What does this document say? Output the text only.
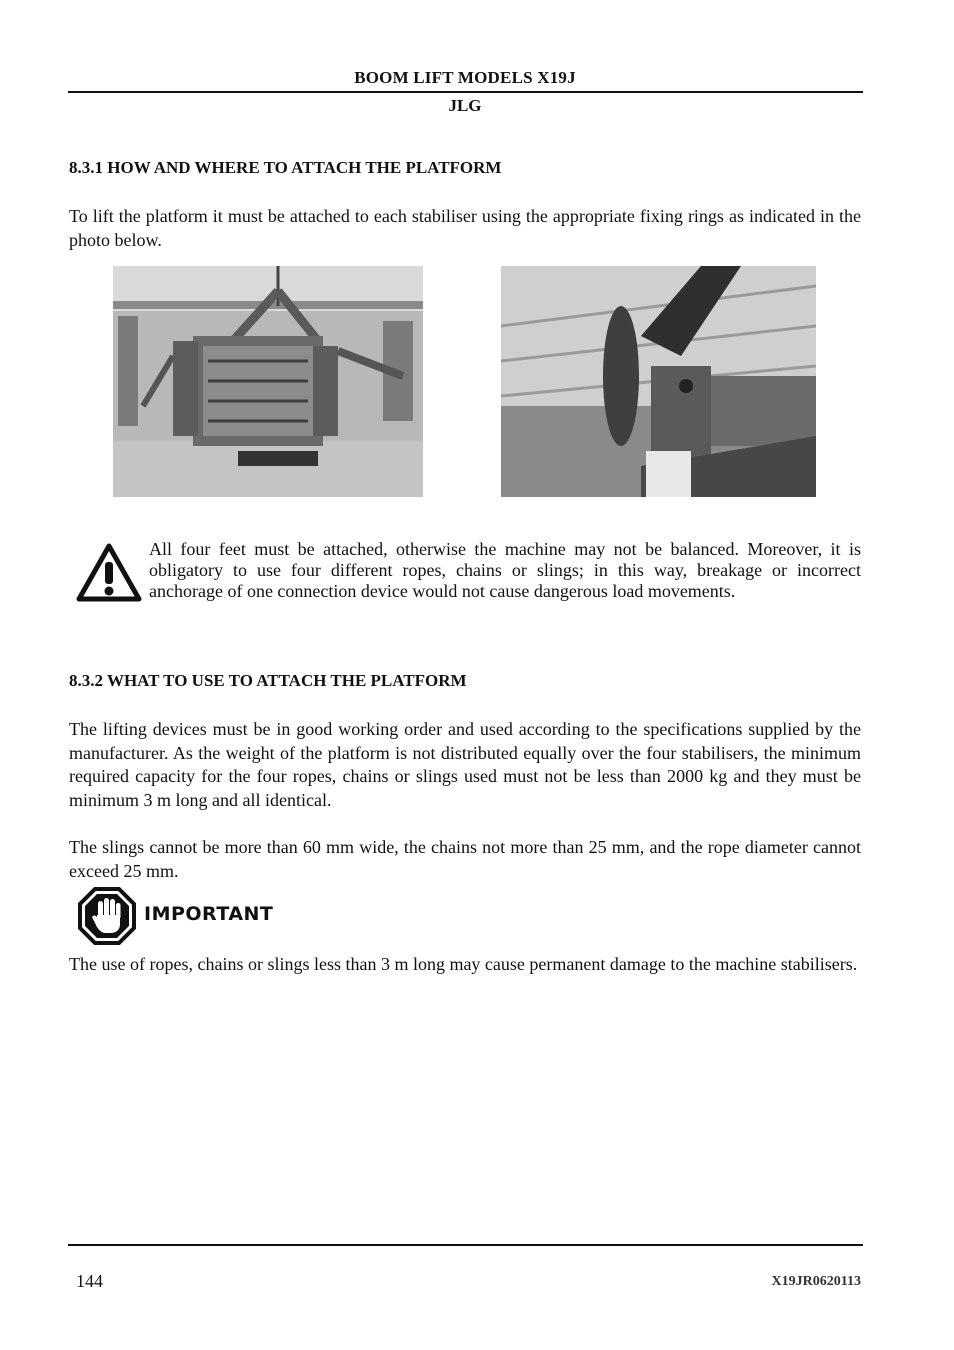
BOOM LIFT MODELS X19J
JLG
8.3.1 HOW AND WHERE TO ATTACH THE PLATFORM
To lift the platform it must be attached to each stabiliser using the appropriate fixing rings as indicated in the photo below.
All four feet must be attached, otherwise the machine may not be balanced. Moreover, it is obligatory to use four different ropes, chains or slings; in this way, breakage or incorrect anchorage of one connection device would not cause dangerous load movements.
8.3.2 WHAT TO USE TO ATTACH THE PLATFORM
The lifting devices must be in good working order and used according to the specifications supplied by the manufacturer. As the weight of the platform is not distributed equally over the four stabilisers, the minimum required capacity for the four ropes, chains or slings used must not be less than 2000 kg and they must be minimum 3 m long and all identical.
The slings cannot be more than 60 mm wide, the chains not more than 25 mm, and the rope diameter cannot exceed 25 mm.
IMPORTANT
The use of ropes, chains or slings less than 3 m long may cause permanent damage to the machine stabilisers.
144	X19JR0620113
